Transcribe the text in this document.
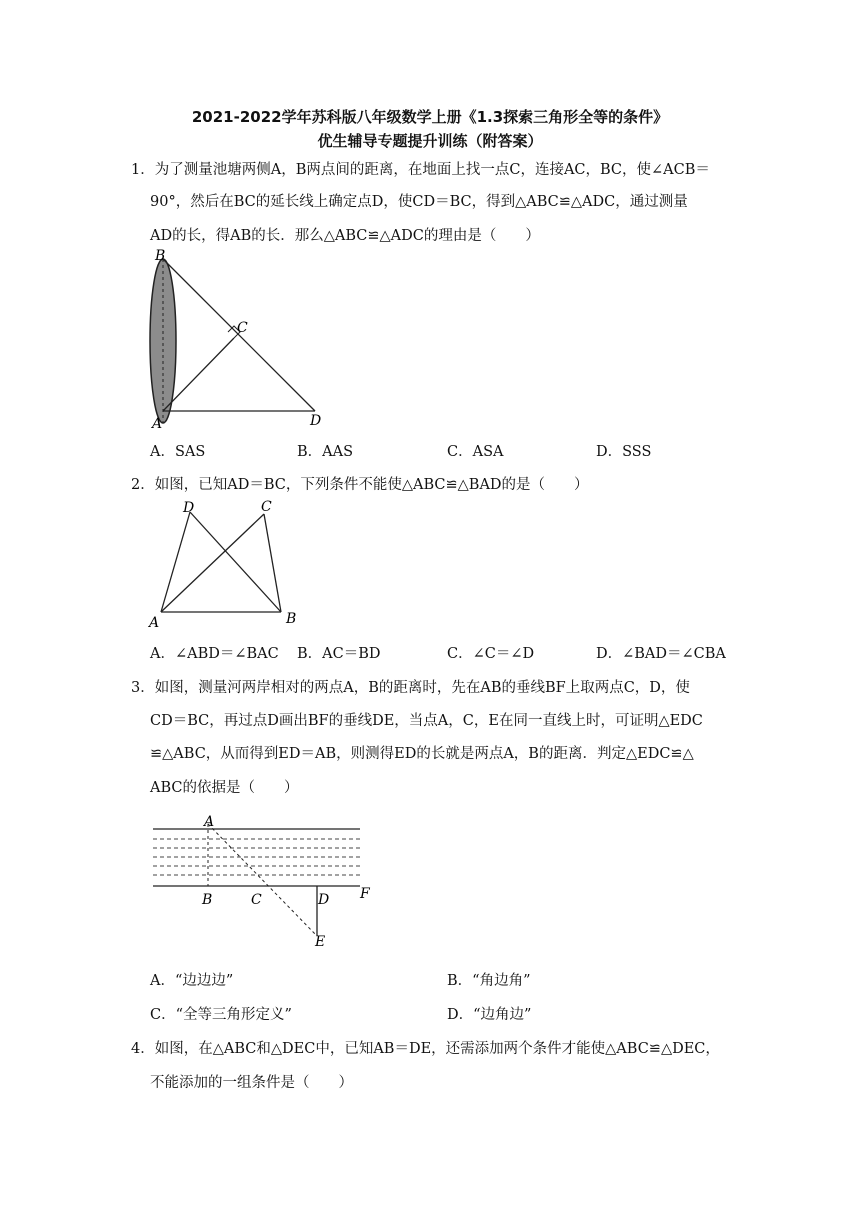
2021-2022学年苏科版八年级数学上册《1.3探索三角形全等的条件》
优生辅导专题提升训练（附答案）
1．为了测量池塘两侧A，B两点间的距离，在地面上找一点C，连接AC，BC，使∠ACB＝
90°，然后在BC的延长线上确定点D，使CD＝BC，得到△ABC≌△ADC，通过测量
AD的长，得AB的长．那么△ABC≌△ADC的理由是（　　）
B
C
A	D
A．SAS	B．AAS	C．ASA	D．SSS
2．如图，已知AD＝BC，下列条件不能使△ABC≌△BAD的是（　　）
D	C
A	B
A．∠ABD＝∠BAC B．AC＝BD	C．∠C＝∠D	D．∠BAD＝∠CBA
3．如图，测量河两岸相对的两点A，B的距离时，先在AB的垂线BF上取两点C，D，使
CD＝BC，再过点D画出BF的垂线DE，当点A，C，E在同一直线上时，可证明△EDC
≌△ABC，从而得到ED＝AB，则测得ED的长就是两点A，B的距离．判定△EDC≌△
ABC的依据是（　　）
A
B	C	D F
E
A．“边边边”	B．“角边角”
C．“全等三角形定义”	D．“边角边”
4．如图，在△ABC和△DEC中，已知AB＝DE，还需添加两个条件才能使△ABC≌△DEC，
不能添加的一组条件是（　　）
